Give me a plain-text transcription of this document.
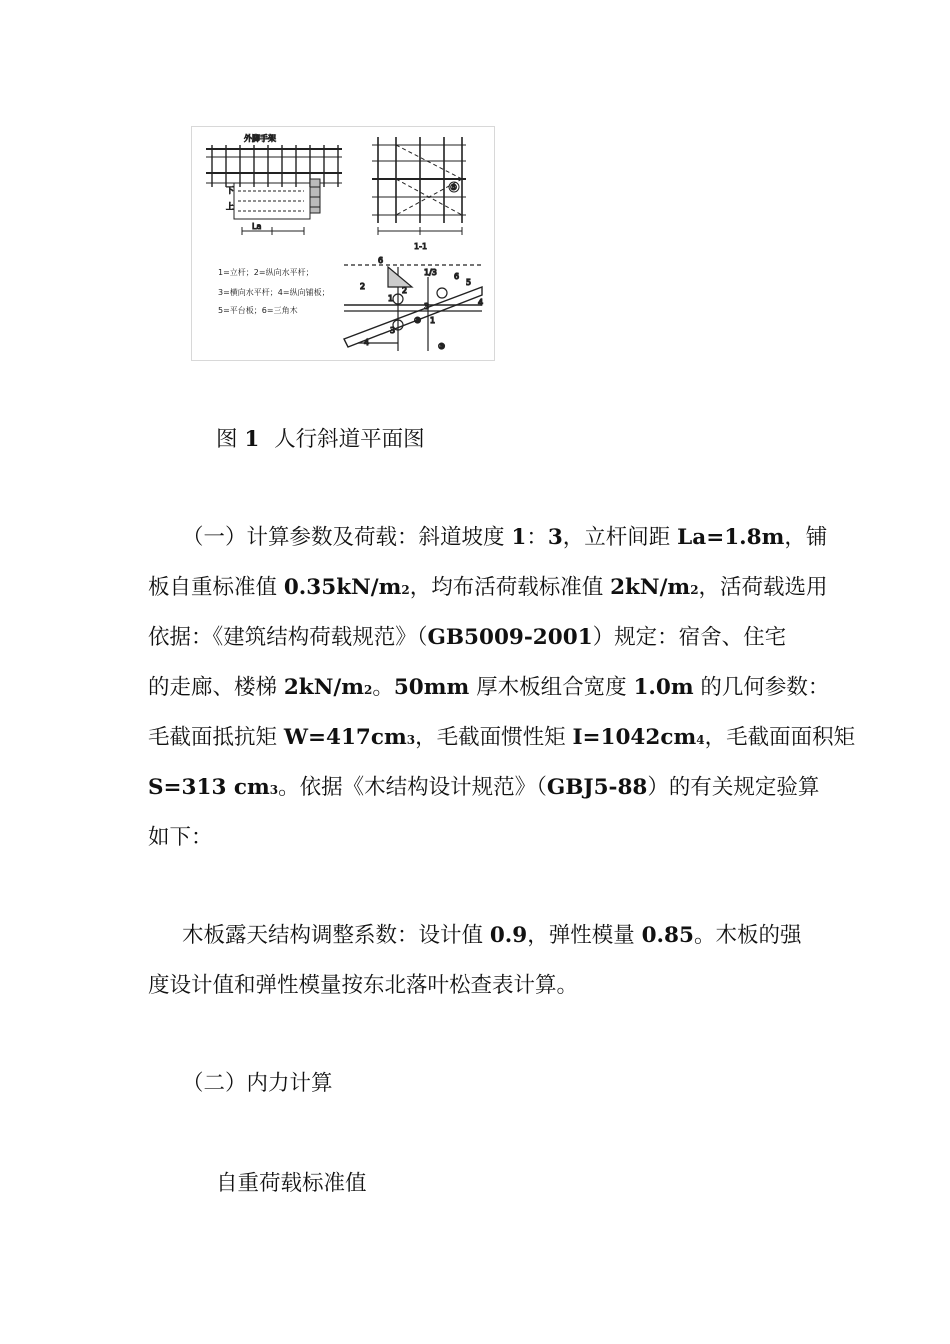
外脚手架
下
上
La
⑤
1-1
1=立杆；2=纵向水平杆；
3=横向水平杆；4=纵向铺板；
5=平台板；6=三角木
6
2
1
2
3
4
1
5
3	4
6
1/3
③
③
图 1 人行斜道平面图
（一）计算参数及荷载：斜道坡度 1：3，立杆间距 La=1.8m，铺
板自重标准值 0.35kN/m2，均布活荷载标准值 2kN/m2，活荷载选用
依据：《建筑结构荷载规范》（GB5009-2001）规定：宿舍、住宅
的走廊、楼梯 2kN/m2。50mm 厚木板组合宽度 1.0m 的几何参数：
毛截面抵抗矩 W=417cm3，毛截面惯性矩 I=1042cm4，毛截面面积矩
S=313 cm3。依据《木结构设计规范》（GBJ5-88）的有关规定验算
如下：
木板露天结构调整系数：设计值 0.9，弹性模量 0.85。木板的强
度设计值和弹性模量按东北落叶松查表计算。
（二）内力计算
自重荷载标准值
